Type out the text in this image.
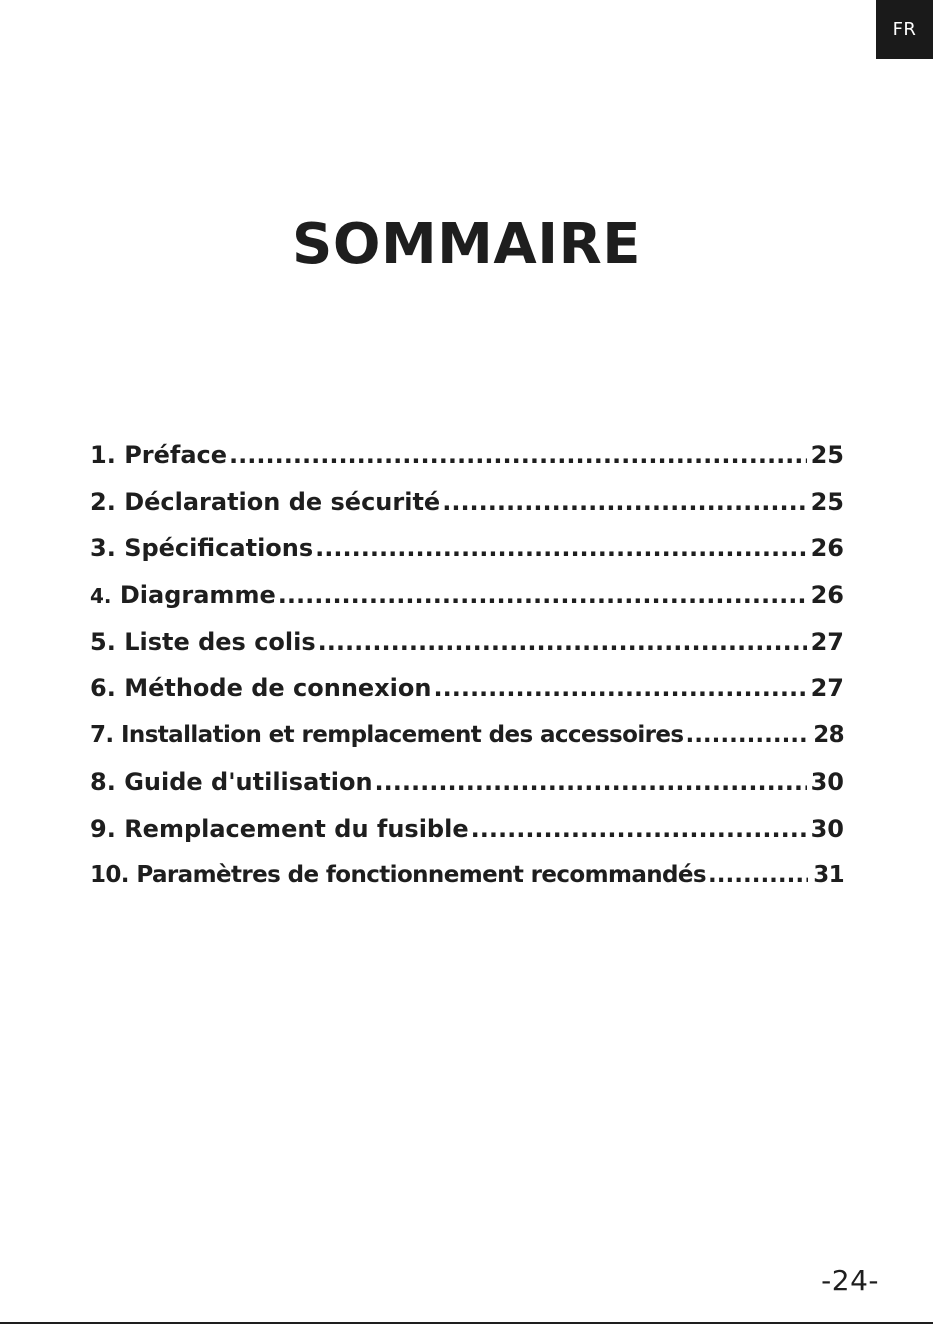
FR
SOMMAIRE
1. Préface .....	25
2. Déclaration de sécurité .....	25
3. Spécifications .....	26
4. Diagramme .....	26
5. Liste des colis .....	27
6. Méthode de connexion .....	27
7. Installation et remplacement des accessoires .....	28
8. Guide d'utilisation .....	30
9. Remplacement du fusible .....	30
10. Paramètres de fonctionnement recommandés .....	31
-24-
